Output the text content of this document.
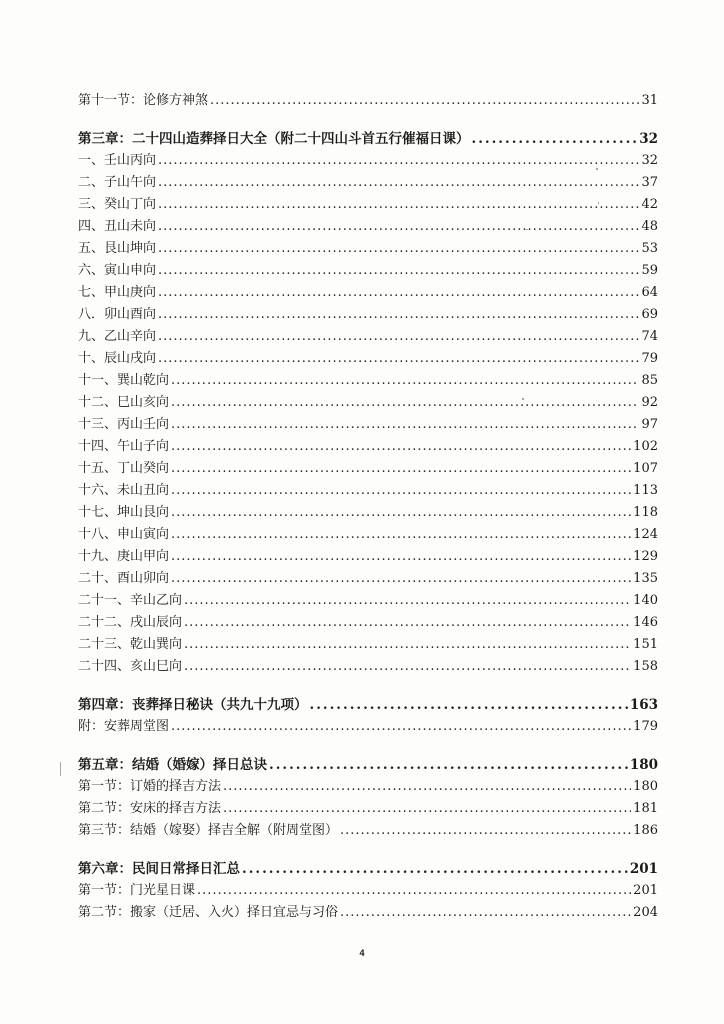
第十一节：论修方神煞 .....	31
第三章：二十四山造葬择日大全（附二十四山斗首五行催福日课） .....	32
一、壬山丙向 .....	32
二、子山午向 .....	37
三、癸山丁向 .....	42
四、丑山未向 .....	48
五、艮山坤向 .....	53
六、寅山申向 .....	59
七、甲山庚向 .....	64
八．卯山酉向 .....	69
九、乙山辛向 .....	74
十、辰山戌向 .....	79
十一、巽山乾向 .....	85
十二、巳山亥向 .....	92
十三、丙山壬向 .....	97
十四、午山子向 .....	102
十五、丁山癸向 .....	107
十六、未山丑向 .....	113
十七、坤山艮向 .....	118
十八、申山寅向 .....	124
十九、庚山甲向 .....	129
二十、酉山卯向 .....	135
二十一、辛山乙向 .....	140
二十二、戌山辰向 .....	146
二十三、乾山巽向 .....	151
二十四、亥山巳向 .....	158
第四章：丧葬择日秘诀（共九十九项） .....	163
附：安葬周堂图 .....	179
第五章：结婚（婚嫁）择日总诀 .....	180
第一节：订婚的择吉方法 .....	180
第二节：安床的择吉方法 .....	181
第三节：结婚（嫁娶）择吉全解（附周堂图） .....	186
第六章：民间日常择日汇总 .....	201
第一节：门光星日课 .....	201
第二节：搬家（迁居、入火）择日宜忌与习俗 .....	204
4
